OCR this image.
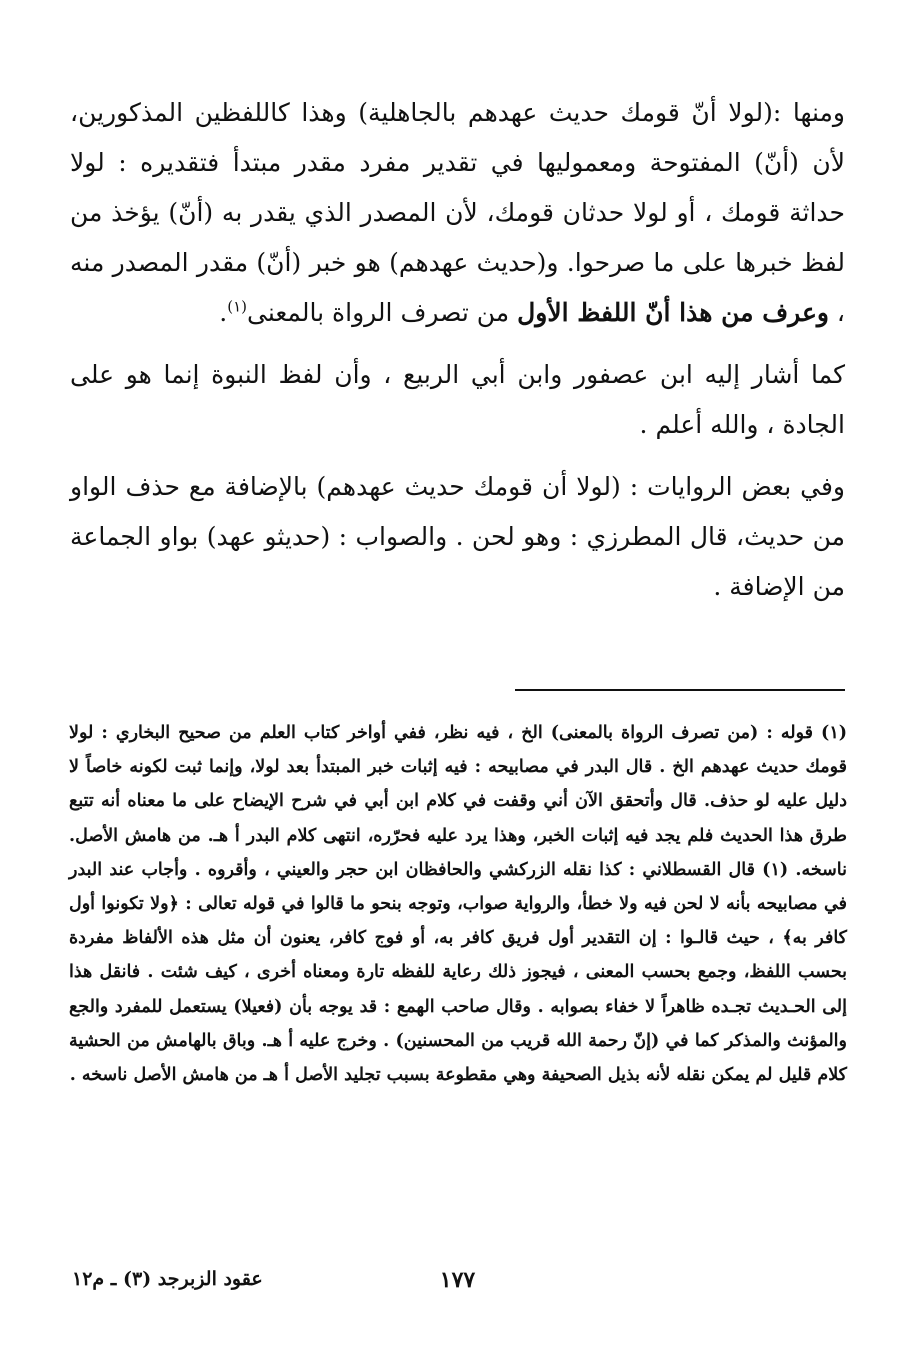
ومنها :(لولا أنّ قومك حديث عهدهم بالجاهلية) وهذا كاللفظين المذكورين، لأن (أنّ) المفتوحة ومعموليها في تقدير مفرد مقدر مبتدأ فتقديره : لولا حداثة قومك ، أو لولا حدثان قومك، لأن المصدر الذي يقدر به (أنّ) يؤخذ من لفظ خبرها على ما صرحوا. و(حديث عهدهم) هو خبر (أنّ) مقدر المصدر منه ، وعرف من هذا أنّ اللفظ الأول من تصرف الرواة بالمعنى$^{(١)}$.

كما أشار إليه ابن عصفور وابن أبي الربيع ، وأن لفظ النبوة إنما هو على الجادة ، والله أعلم .

وفي بعض الروايات : (لولا أن قومك حديث عهدهم) بالإضافة مع حذف الواو من حديث، قال المطرزي : وهو لحن . والصواب : (حديثو عهد) بواو الجماعة من الإضافة .

(١) قوله : (من تصرف الرواة بالمعنى) الخ ، فيه نظر، ففي أواخر كتاب العلم من صحيح البخاري : لولا قومك حديث عهدهم الخ . قال البدر في مصابيحه : فيه إثبات خبر المبتدأ بعد لولا، وإنما ثبت لكونه خاصاً لا دليل عليه لو حذف. قال وأتحقق الآن أني وقفت في كلام ابن أبي في شرح الإيضاح على ما معناه أنه تتبع طرق هذا الحديث فلم يجد فيه إثبات الخبر، وهذا يرد عليه فحرّره، انتهى كلام البدر أ هـ. من هامش الأصل. ناسخه. (١) قال القسطلاني : كذا نقله الزركشي والحافظان ابن حجر والعيني ، وأقروه . وأجاب عند البدر في مصابيحه بأنه لا لحن فيه ولا خطأ، والرواية صواب، وتوجه بنحو ما قالوا في قوله تعالى : ﴿ولا تكونوا أول كافر به﴾ ، حيث قالـوا : إن التقدير أول فريق كافر به، أو فوج كافر، يعنون أن مثل هذه الألفاظ مفردة بحسب اللفظ، وجمع بحسب المعنى ، فيجوز ذلك رعاية للفظه تارة ومعناه أخرى ، كيف شئت . فانقل هذا إلى الحـديث تجـده ظاهراً لا خفاء بصوابه . وقال صاحب الهمع : قد يوجه بأن (فعيلا) يستعمل للمفرد والجع والمؤنث والمذكر كما في (إنّ رحمة الله قريب من المحسنين) . وخرج عليه أ هـ. وباق بالهامش من الحشية كلام قليل لم يمكن نقله لأنه بذيل الصحيفة وهي مقطوعة بسبب تجليد الأصل أ هـ من هامش الأصل ناسخه .

١٧٧
عقود الزبرجد (٣) ـ م١٢
